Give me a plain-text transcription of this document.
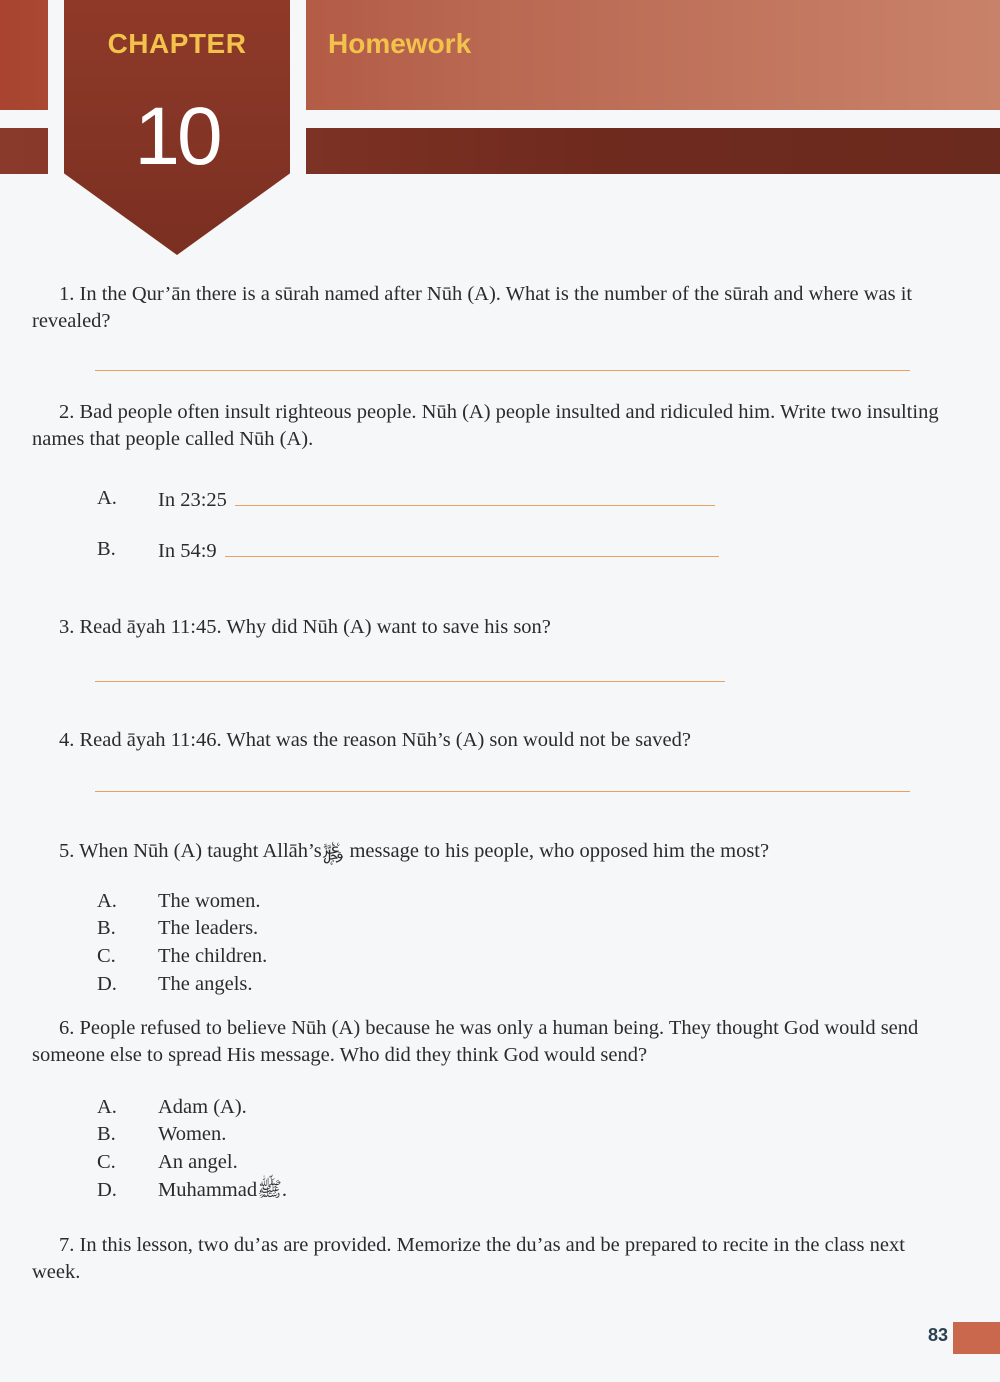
CHAPTER
10
Homework
1. In the Qur’ān there is a sūrah named after Nūh (A). What is the number of the sūrah and where was it revealed?
2. Bad people often insult righteous people. Nūh (A) people insulted and ridiculed him. Write two insulting names that people called Nūh (A).
A.	In 23:25
B.	In 54:9
3. Read āyah 11:45. Why did Nūh (A) want to save his son?
4. Read āyah 11:46. What was the reason Nūh’s (A) son would not be saved?
5. When Nūh (A) taught Allāh’s﷿ message to his people, who opposed him the most?
A.	The women.
B.	The leaders.
C.	The children.
D.	The angels.
6. People refused to believe Nūh (A) because he was only a human being. They thought God would send someone else to spread His message. Who did they think God would send?
A.	Adam (A).
B.	Women.
C.	An angel.
D.	Muhammadﷺ.
7. In this lesson, two du’as are provided. Memorize the du’as and be prepared to recite in the class next week.
83
